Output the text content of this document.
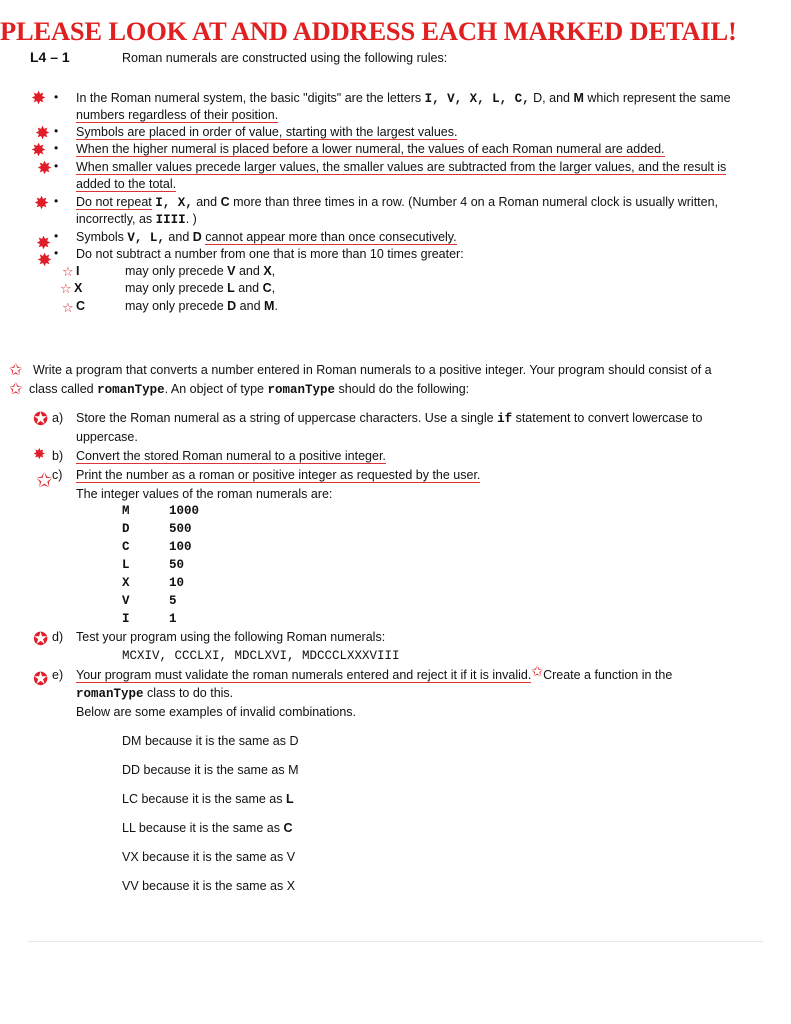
PLEASE LOOK AT AND ADDRESS EACH MARKED DETAIL!
L4 – 1	Roman numerals are constructed using the following rules:
✸ • In the Roman numeral system, the basic "digits" are the letters I, V, X, L, C, D, and M which represent the same
numbers regardless of their position.
✸ • Symbols are placed in order of value, starting with the largest values.
✸ • When the higher numeral is placed before a lower numeral, the values of each Roman numeral are added.
✸ • When smaller values precede larger values, the smaller values are subtracted from the larger values, and the result is
added to the total.
✸ • Do not repeat I, X, and C more than three times in a row. (Number 4 on a Roman numeral clock is usually written,
incorrectly, as IIII. )
✸ • Symbols V, L, and D cannot appear more than once consecutively.
✸ • Do not subtract a number from one that is more than 10 times greater:
☆ I	may only precede V and X,
☆ X	may only precede L and C,
☆ C	may only precede D and M.
✩ Write a program that converts a number entered in Roman numerals to a positive integer. Your program should consist of a
✩ class called romanType. An object of type romanType should do the following:
✪ a) Store the Roman numeral as a string of uppercase characters. Use a single if statement to convert lowercase to
uppercase.
✸ b) Convert the stored Roman numeral to a positive integer.
✩ c) Print the number as a roman or positive integer as requested by the user.
The integer values of the roman numerals are:
M	1000
D	500
C	100
L	50
X	10
V	5
I	1
✪ d) Test your program using the following Roman numerals:
MCXIV, CCCLXI, MDCLXVI, MDCCCLXXXVIII
✪ e) Your program must validate the roman numerals entered and reject it if it is invalid.✩Create a function in the
romanType class to do this.
Below are some examples of invalid combinations.
DM because it is the same as D
DD because it is the same as M
LC because it is the same as L
LL because it is the same as C
VX because it is the same as V
VV because it is the same as X
